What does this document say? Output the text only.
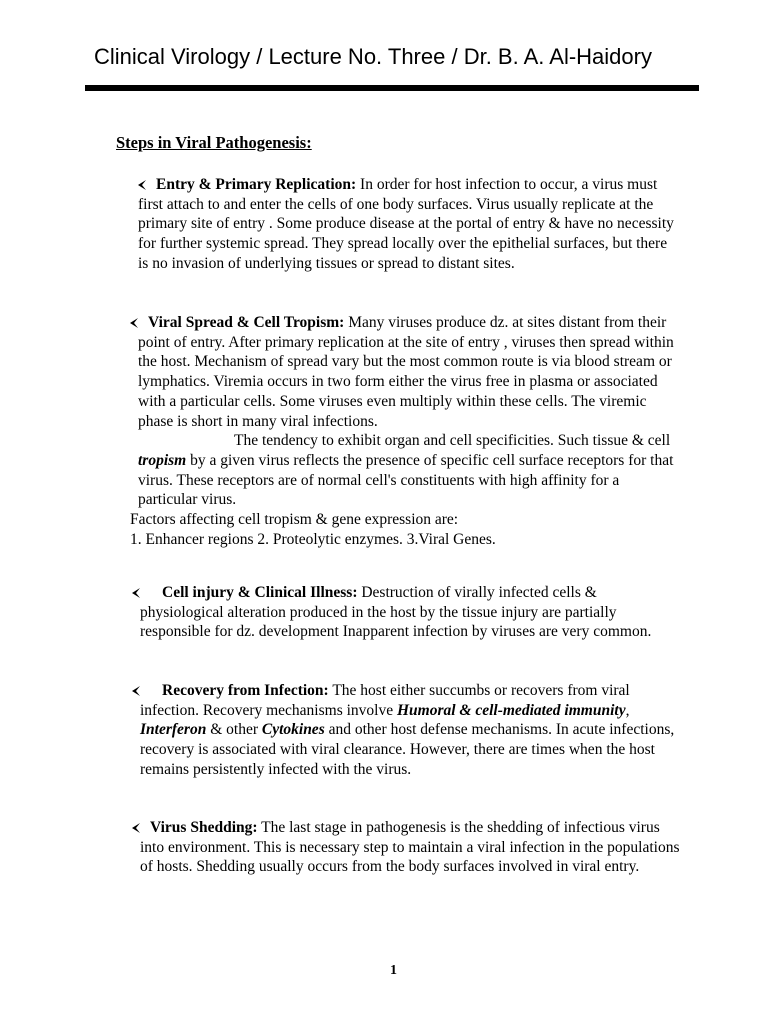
Clinical Virology / Lecture No. Three / Dr. B. A. Al-Haidory
Steps in Viral Pathogenesis:

Entry & Primary Replication: In order for host infection to occur, a virus must first attach to and enter the cells of one body surfaces. Virus usually replicate at the primary site of entry . Some produce disease at the portal of entry & have no necessity for further systemic spread. They spread locally over the epithelial surfaces, but there is no invasion of underlying tissues or spread to distant sites.

Viral Spread & Cell Tropism: Many viruses produce dz. at sites distant from their point of entry. After primary replication at the site of entry , viruses then spread within the host. Mechanism of spread vary but the most common route is via blood stream or lymphatics. Viremia occurs in two form either the virus free in plasma or associated with a particular cells. Some viruses even multiply within these cells. The viremic phase is short in many viral infections.
The tendency to exhibit organ and cell specificities. Such tissue & cell tropism by a given virus reflects the presence of specific cell surface receptors for that virus. These receptors are of normal cell's constituents with high affinity for a particular virus.
Factors affecting cell tropism & gene expression are:
1. Enhancer regions 2. Proteolytic enzymes. 3.Viral Genes.

Cell injury & Clinical Illness: Destruction of virally infected cells & physiological alteration produced in the host by the tissue injury are partially responsible for dz. development Inapparent infection by viruses are very common.

Recovery from Infection: The host either succumbs or recovers from viral infection. Recovery mechanisms involve Humoral & cell-mediated immunity, Interferon & other Cytokines and other host defense mechanisms. In acute infections, recovery is associated with viral clearance. However, there are times when the host remains persistently infected with the virus.

Virus Shedding: The last stage in pathogenesis is the shedding of infectious virus into environment. This is necessary step to maintain a viral infection in the populations of hosts. Shedding usually occurs from the body surfaces involved in viral entry.

1
